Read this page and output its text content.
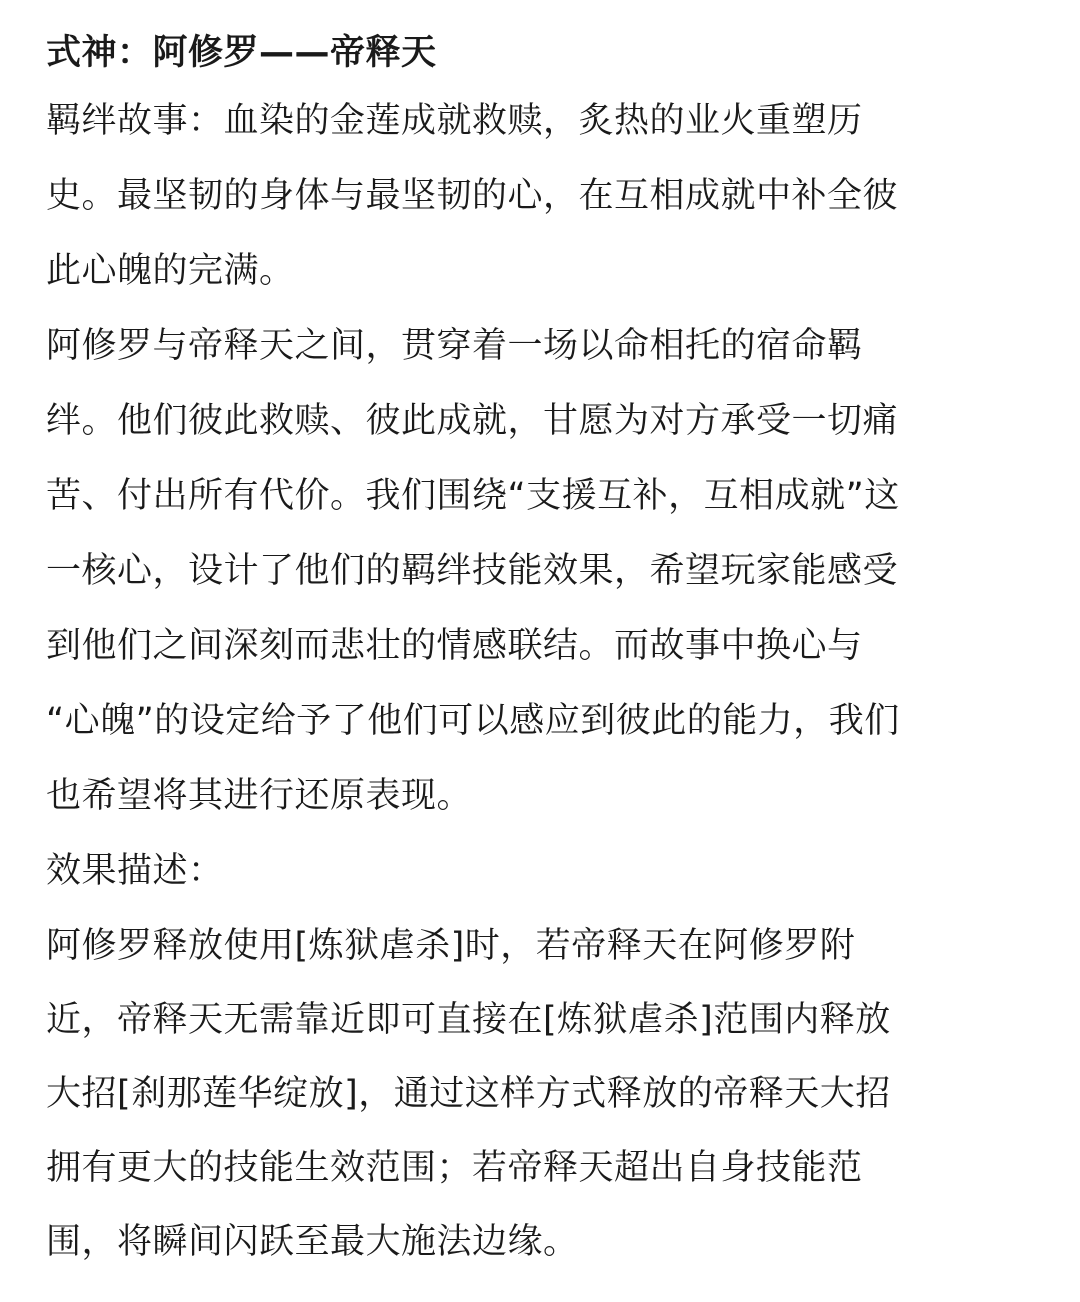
式神：阿修罗——帝释天

羁绊故事：血染的金莲成就救赎，炙热的业火重塑历
史。最坚韧的身体与最坚韧的心，在互相成就中补全彼
此心魄的完满。

阿修罗与帝释天之间，贯穿着一场以命相托的宿命羁
绊。他们彼此救赎、彼此成就，甘愿为对方承受一切痛
苦、付出所有代价。我们围绕“支援互补，互相成就”这
一核心，设计了他们的羁绊技能效果，希望玩家能感受
到他们之间深刻而悲壮的情感联结。而故事中换心与
“心魄”的设定给予了他们可以感应到彼此的能力，我们
也希望将其进行还原表现。

效果描述：

阿修罗释放使用[炼狱虐杀]时，若帝释天在阿修罗附
近，帝释天无需靠近即可直接在[炼狱虐杀]范围内释放
大招[刹那莲华绽放]，通过这样方式释放的帝释天大招
拥有更大的技能生效范围；若帝释天超出自身技能范
围，将瞬间闪跃至最大施法边缘。
